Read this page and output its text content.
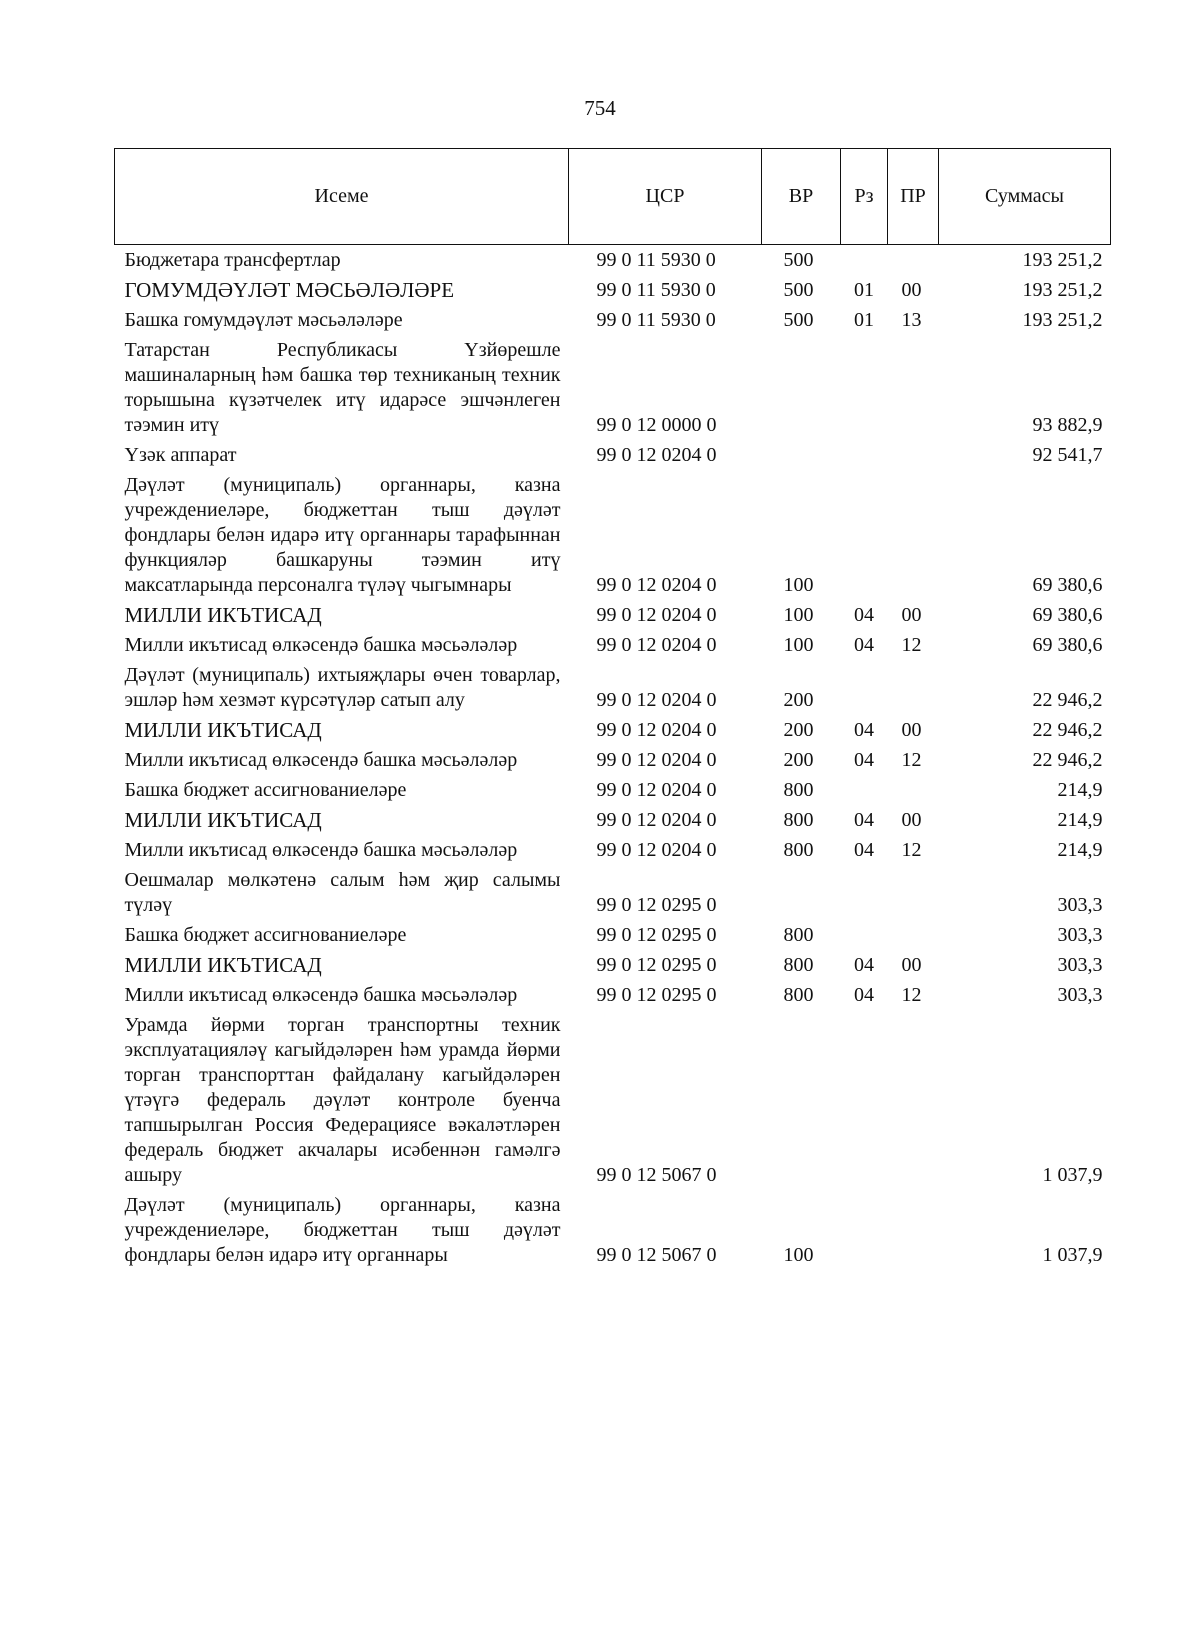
754
Исеме	ЦСР	ВР	Рз	ПР	Суммасы
Бюджетара трансфертлар	99 0 11 5930 0	500			193 251,2
ГОМУМДӘҮЛӘТ МӘСЬӘЛӘЛӘРЕ	99 0 11 5930 0	500	01	00	193 251,2
Башка гомумдәүләт мәсьәләләре	99 0 11 5930 0	500	01	13	193 251,2
Татарстан Республикасы Үзйөрешле машиналарның һәм башка төр техниканың техник торышына күзәтчелек итү идарәсе эшчәнлеген тәэмин итү	99 0 12 0000 0				93 882,9
Үзәк аппарат	99 0 12 0204 0				92 541,7
Дәүләт (муниципаль) органнары, казна учреждениеләре, бюджеттан тыш дәүләт фондлары белән идарә итү органнары тарафыннан функцияләр башкаруны тәэмин итү максатларында персоналга түләү чыгымнары	99 0 12 0204 0	100			69 380,6
МИЛЛИ ИКЪТИСАД	99 0 12 0204 0	100	04	00	69 380,6
Милли икътисад өлкәсендә башка мәсьәләләр	99 0 12 0204 0	100	04	12	69 380,6
Дәүләт (муниципаль) ихтыяҗлары өчен товарлар, эшләр һәм хезмәт күрсәтүләр сатып алу	99 0 12 0204 0	200			22 946,2
МИЛЛИ ИКЪТИСАД	99 0 12 0204 0	200	04	00	22 946,2
Милли икътисад өлкәсендә башка мәсьәләләр	99 0 12 0204 0	200	04	12	22 946,2
Башка бюджет ассигнованиеләре	99 0 12 0204 0	800			214,9
МИЛЛИ ИКЪТИСАД	99 0 12 0204 0	800	04	00	214,9
Милли икътисад өлкәсендә башка мәсьәләләр	99 0 12 0204 0	800	04	12	214,9
Оешмалар мөлкәтенә салым һәм җир салымы түләү	99 0 12 0295 0				303,3
Башка бюджет ассигнованиеләре	99 0 12 0295 0	800			303,3
МИЛЛИ ИКЪТИСАД	99 0 12 0295 0	800	04	00	303,3
Милли икътисад өлкәсендә башка мәсьәләләр	99 0 12 0295 0	800	04	12	303,3
Урамда йөрми торган транспортны техник эксплуатацияләү кагыйдәләрен һәм урамда йөрми торган транспорттан файдалану кагыйдәләрен үтәүгә федераль дәүләт контроле буенча тапшырылган Россия Федерациясе вәкаләтләрен федераль бюджет акчалары исәбеннән гамәлгә ашыру	99 0 12 5067 0				1 037,9
Дәүләт (муниципаль) органнары, казна учреждениеләре, бюджеттан тыш дәүләт фондлары белән идарә итү органнары	99 0 12 5067 0	100			1 037,9
